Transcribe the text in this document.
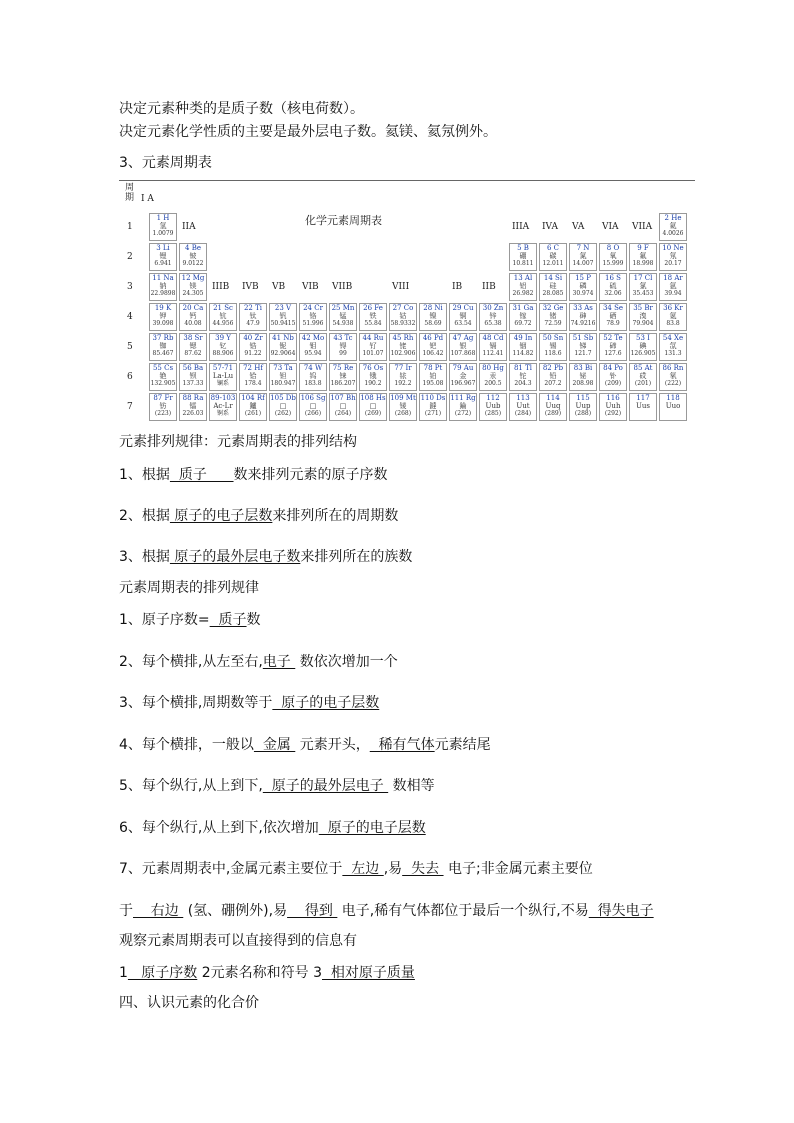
决定元素种类的是质子数（核电荷数）。
决定元素化学性质的主要是最外层电子数。氦镁、氦氖例外。
3、元素周期表
周
期
化学元素周期表
1
2
3
4
5
6
7
I A
IIA
IIIB IVB VB VIB VIIB	VIII	IB IIB
IIIA IVA VA VIA VIIA
1 H
氢
1.0079
2 He
氦
4.0026
3 Li
锂
6.941
4 Be
铍
9.0122
5 B
硼
10.811
6 C
碳
12.011
7 N
氮
14.007
8 O
氧
15.999
9 F
氟
18.998
10 Ne
氖
20.17
11 Na
钠
22.9898
12 Mg
镁
24.305
13 Al
铝
26.982
14 Si
硅
28.085
15 P
磷
30.974
16 S
硫
32.06
17 Cl
氯
35.453
18 Ar
氩
39.94
19 K
钾
39.098
20 Ca
钙
40.08
21 Sc
钪
44.956
22 Ti
钛
47.9
23 V
钒
50.9415
24 Cr
铬
51.996
25 Mn
锰
54.938
26 Fe
铁
55.84
27 Co
钴
58.9332
28 Ni
镍
58.69
29 Cu
铜
63.54
30 Zn
锌
65.38
31 Ga
镓
69.72
32 Ge
锗
72.59
33 As
砷
74.9216
34 Se
硒
78.9
35 Br
溴
79.904
36 Kr
氪
83.8
37 Rb
铷
85.467
38 Sr
锶
87.62
39 Y
钇
88.906
40 Zr
锆
91.22
41 Nb
铌
92.9064
42 Mo
钼
95.94
43 Tc
锝
99
44 Ru
钌
101.07
45 Rh
铑
102.906
46 Pd
钯
106.42
47 Ag
银
107.868
48 Cd
镉
112.41
49 In
铟
114.82
50 Sn
锡
118.6
51 Sb
锑
121.7
52 Te
碲
127.6
53 I
碘
126.905
54 Xe
氙
131.3
55 Cs
铯
132.905
56 Ba
钡
137.33
57-71
La-Lu
镧系
72 Hf
铪
178.4
73 Ta
钽
180.947
74 W
钨
183.8
75 Re
铼
186.207
76 Os
锇
190.2
77 Ir
铱
192.2
78 Pt
铂
195.08
79 Au
金
196.967
80 Hg
汞
200.5
81 Tl
铊
204.3
82 Pb
铅
207.2
83 Bi
铋
208.98
84 Po
钋
(209)
85 At
砹
(201)
86 Rn
氡
(222)
87 Fr
钫
(223)
88 Ra
镭
226.03
89-103
Ac-Lr
锕系
104 Rf
鑪
(261)
105 Db
□
(262)
106 Sg
□
(266)
107 Bh
□
(264)
108 Hs
□
(269)
109 Mt
鿏
(268)
110 Ds
鐽
(271)
111 Rg
錀
(272)
112
Uub
(285)
113
Uut
(284)
114
Uuq
(289)
115
Uup
(288)
116
Uuh
(292)
117
Uus
118
Uuo
元素排列规律：元素周期表的排列结构
1、根据  质子      数来排列元素的原子序数
2、根据 原子的电子层数来排列所在的周期数
3、根据 原子的最外层电子数来排列所在的族数
元素周期表的排列规律
1、原子序数=  质子数
2、每个横排,从左至右,电子  数依次增加一个
3、每个横排,周期数等于  原子的电子层数
4、每个横排，一般以  金属  元素开头，  稀有气体元素结尾
5、每个纵行,从上到下,  原子的最外层电子  数相等
6、每个纵行,从上到下,依次增加  原子的电子层数
7、元素周期表中,金属元素主要位于  左边 ,易  失去  电子;非金属元素主要位
于    右边  (氢、硼例外),易    得到  电子,稀有气体都位于最后一个纵行,不易  得失电子
观察元素周期表可以直接得到的信息有
1   原子序数 2元素名称和符号 3  相对原子质量
四、认识元素的化合价
